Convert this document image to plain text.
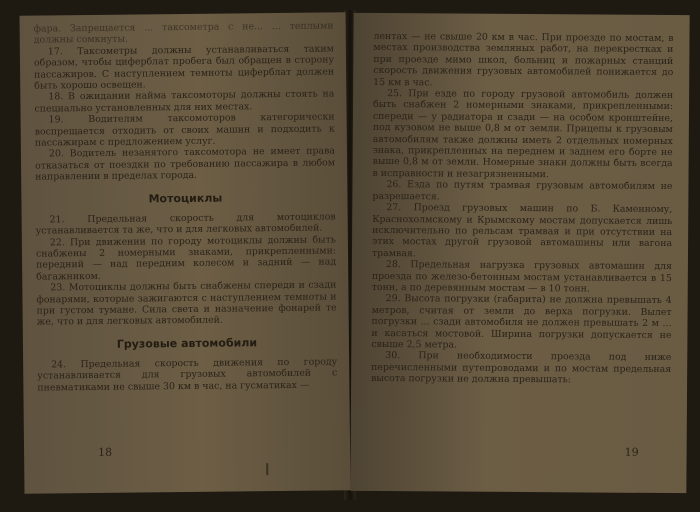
фара. Запрещается ... таксометра с не... ... теплыми должны сомкнуты.

17. Таксометры должны устанавливаться таким образом, чтобы циферблат пробега был обращен в сторону пассажиров. С наступлением темноты циферблат должен быть хорошо освещен.

18. В ожидании найма таксомоторы должны стоять на специально установленных для них местах.

19. Водителям таксомоторов категорически воспрещается отходить от своих машин и подходить к пассажирам с предложением услуг.

20. Водитель незанятого таксомотора не имеет права отказаться от поездки по требованию пассажира в любом направлении в пределах города.

Мотоциклы

21. Предельная скорость для мотоциклов устанавливается та же, что и для легковых автомобилей.

22. При движении по городу мотоциклы должны быть снабжены 2 номерными знаками, прикрепленными: передний — над передним колесом и задний — над багажником.

23. Мотоциклы должны быть снабжены спереди и сзади фонарями, которые зажигаются с наступлением темноты и при густом тумане. Сила света и назначение фонарей те же, что и для легковых автомобилей.

Грузовые автомобили

24. Предельная скорость движения по городу устанавливается для грузовых автомобилей с пневматиками не свыше 30 км в час, на гусматиках —

18

лентах — не свыше 20 км в час. При проезде по мостам, в местах производства земляных работ, на перекрестках и при проезде мимо школ, больниц и пожарных станций скорость движения грузовых автомобилей понижается до 15 км в час.

25. При езде по городу грузовой автомобиль должен быть снабжен 2 номерными знаками, прикрепленными: спереди — у радиатора и сзади — на особом кронштейне, под кузовом не выше 0,8 м от земли. Прицепы к грузовым автомобилям также должны иметь 2 отдельных номерных знака, прикрепленных на переднем и заднем его борте не выше 0,8 м от земли. Номерные знаки должны быть всегда в исправности и незагрязненными.

26. Езда по путям трамвая грузовым автомобилям не разрешается.

27. Проезд грузовых машин по Б. Каменному, Краснохолмскому и Крымскому мостам допускается лишь исключительно по рельсам трамвая и при отсутствии на этих мостах другой грузовой автомашины или вагона трамвая.

28. Предельная нагрузка грузовых автомашин для проезда по железо-бетонным мостам устанавливается в 15 тонн, а по деревянным мостам — в 10 тонн.

29. Высота погрузки (габарита) не должна превышать 4 метров, считая от земли до верха погрузки. Вылет погрузки ... сзади автомобиля не должен превышать 2 м ... и касаться мостовой. Ширина погрузки допускается не свыше 2,5 метра.

30. При необходимости проезда под ниже перечисленными путепроводами и по мостам предельная высота погрузки не должна превышать:

19
